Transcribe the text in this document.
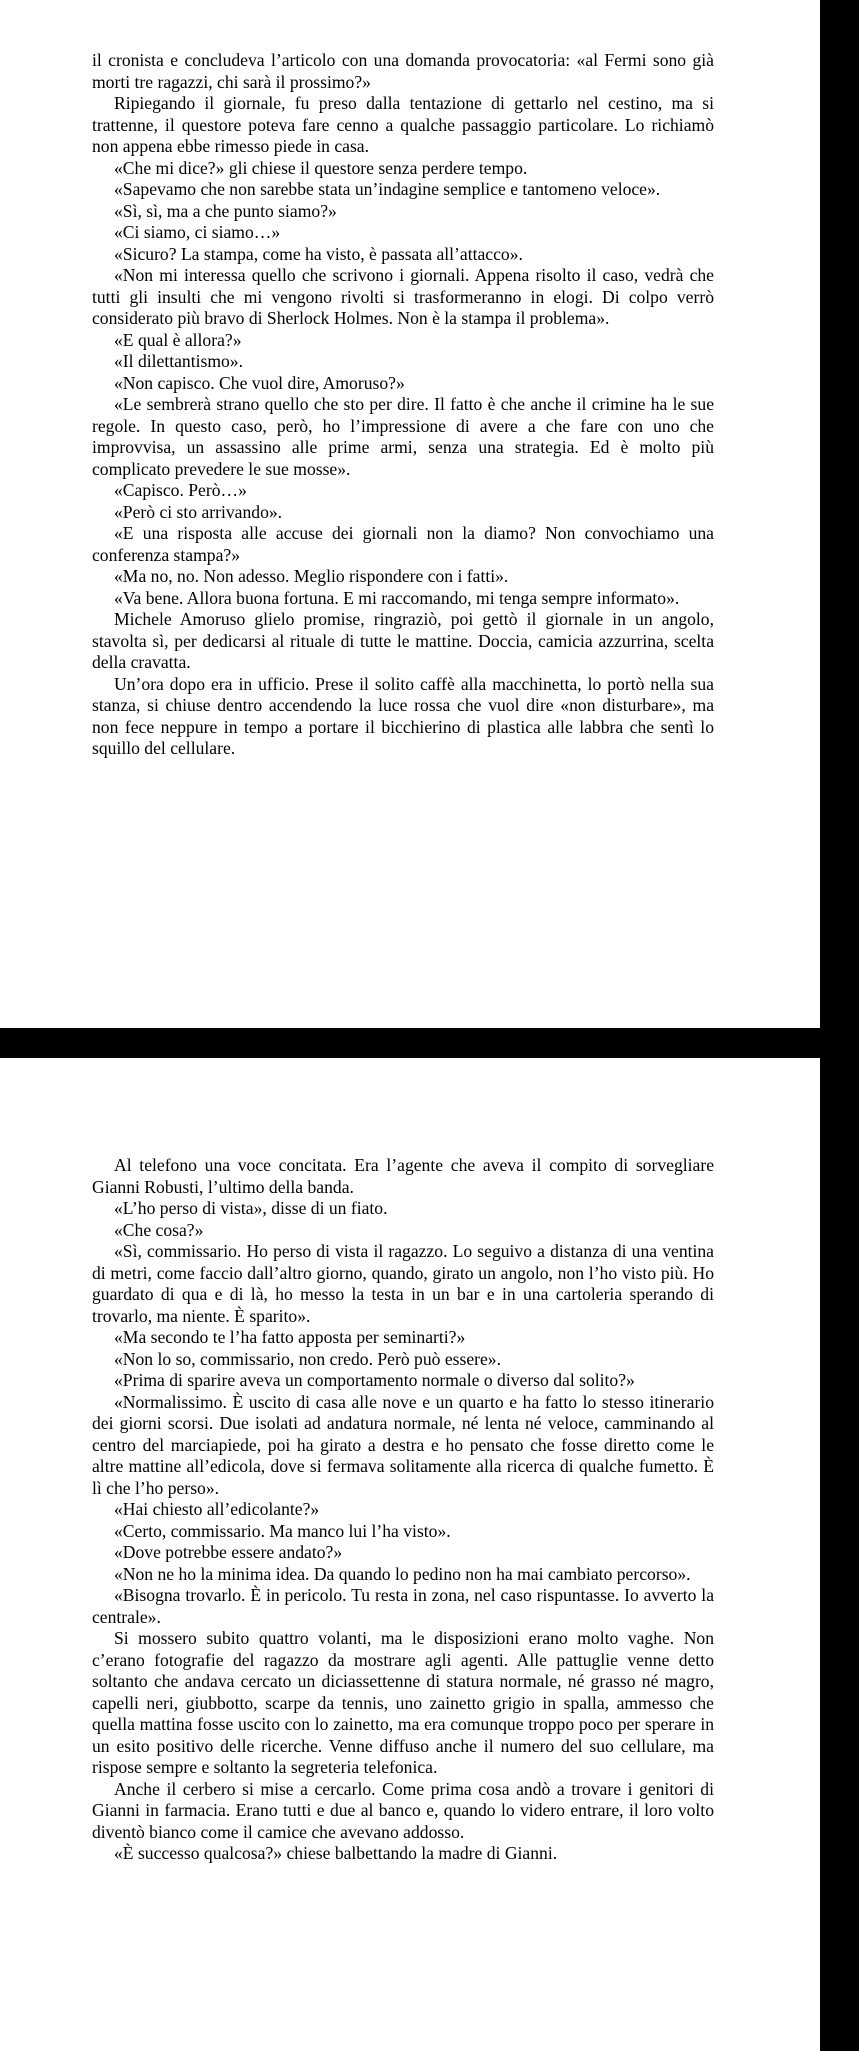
il cronista e concludeva l’articolo con una domanda provocatoria: «al Fermi sono già morti tre ragazzi, chi sarà il prossimo?»

Ripiegando il giornale, fu preso dalla tentazione di gettarlo nel cestino, ma si trattenne, il questore poteva fare cenno a qualche passaggio particolare. Lo richiamò non appena ebbe rimesso piede in casa.

«Che mi dice?» gli chiese il questore senza perdere tempo.

«Sapevamo che non sarebbe stata un’indagine semplice e tantomeno veloce».

«Sì, sì, ma a che punto siamo?»

«Ci siamo, ci siamo…»

«Sicuro? La stampa, come ha visto, è passata all’attacco».

«Non mi interessa quello che scrivono i giornali. Appena risolto il caso, vedrà che tutti gli insulti che mi vengono rivolti si trasformeranno in elogi. Di colpo verrò considerato più bravo di Sherlock Holmes. Non è la stampa il problema».

«E qual è allora?»

«Il dilettantismo».

«Non capisco. Che vuol dire, Amoruso?»

«Le sembrerà strano quello che sto per dire. Il fatto è che anche il crimine ha le sue regole. In questo caso, però, ho l’impressione di avere a che fare con uno che improvvisa, un assassino alle prime armi, senza una strategia. Ed è molto più complicato prevedere le sue mosse».

«Capisco. Però…»

«Però ci sto arrivando».

«E una risposta alle accuse dei giornali non la diamo? Non convochiamo una conferenza stampa?»

«Ma no, no. Non adesso. Meglio rispondere con i fatti».

«Va bene. Allora buona fortuna. E mi raccomando, mi tenga sempre informato».

Michele Amoruso glielo promise, ringraziò, poi gettò il giornale in un angolo, stavolta sì, per dedicarsi al rituale di tutte le mattine. Doccia, camicia azzurrina, scelta della cravatta.

Un’ora dopo era in ufficio. Prese il solito caffè alla macchinetta, lo portò nella sua stanza, si chiuse dentro accendendo la luce rossa che vuol dire «non disturbare», ma non fece neppure in tempo a portare il bicchierino di plastica alle labbra che sentì lo squillo del cellulare.

Al telefono una voce concitata. Era l’agente che aveva il compito di sorvegliare Gianni Robusti, l’ultimo della banda.

«L’ho perso di vista», disse di un fiato.

«Che cosa?»

«Sì, commissario. Ho perso di vista il ragazzo. Lo seguivo a distanza di una ventina di metri, come faccio dall’altro giorno, quando, girato un angolo, non l’ho visto più. Ho guardato di qua e di là, ho messo la testa in un bar e in una cartoleria sperando di trovarlo, ma niente. È sparito».

«Ma secondo te l’ha fatto apposta per seminarti?»

«Non lo so, commissario, non credo. Però può essere».

«Prima di sparire aveva un comportamento normale o diverso dal solito?»

«Normalissimo. È uscito di casa alle nove e un quarto e ha fatto lo stesso itinerario dei giorni scorsi. Due isolati ad andatura normale, né lenta né veloce, camminando al centro del marciapiede, poi ha girato a destra e ho pensato che fosse diretto come le altre mattine all’edicola, dove si fermava solitamente alla ricerca di qualche fumetto. È lì che l’ho perso».

«Hai chiesto all’edicolante?»

«Certo, commissario. Ma manco lui l’ha visto».

«Dove potrebbe essere andato?»

«Non ne ho la minima idea. Da quando lo pedino non ha mai cambiato percorso».

«Bisogna trovarlo. È in pericolo. Tu resta in zona, nel caso rispuntasse. Io avverto la centrale».

Si mossero subito quattro volanti, ma le disposizioni erano molto vaghe. Non c’erano fotografie del ragazzo da mostrare agli agenti. Alle pattuglie venne detto soltanto che andava cercato un diciassettenne di statura normale, né grasso né magro, capelli neri, giubbotto, scarpe da tennis, uno zainetto grigio in spalla, ammesso che quella mattina fosse uscito con lo zainetto, ma era comunque troppo poco per sperare in un esito positivo delle ricerche. Venne diffuso anche il numero del suo cellulare, ma rispose sempre e soltanto la segreteria telefonica.

Anche il cerbero si mise a cercarlo. Come prima cosa andò a trovare i genitori di Gianni in farmacia. Erano tutti e due al banco e, quando lo videro entrare, il loro volto diventò bianco come il camice che avevano addosso.

«È successo qualcosa?» chiese balbettando la madre di Gianni.
